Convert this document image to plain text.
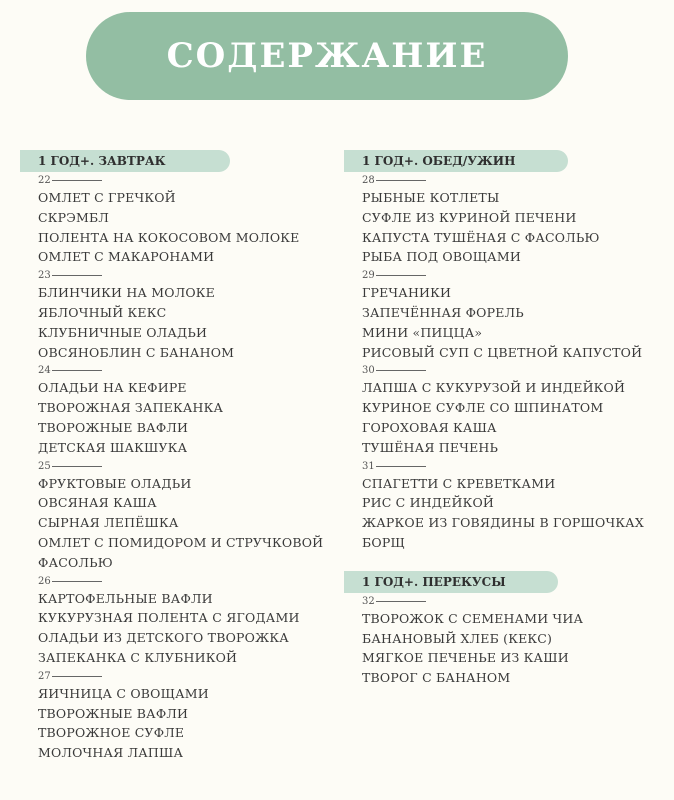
СОДЕРЖАНИЕ
1 ГОД+. ЗАВТРАК
22
ОМЛЕТ С ГРЕЧКОЙ
СКРЭМБЛ
ПОЛЕНТА НА КОКОСОВОМ МОЛОКЕ
ОМЛЕТ С МАКАРОНАМИ
23
БЛИНЧИКИ НА МОЛОКЕ
ЯБЛОЧНЫЙ КЕКС
КЛУБНИЧНЫЕ ОЛАДЬИ
ОВСЯНОБЛИН С БАНАНОМ
24
ОЛАДЬИ НА КЕФИРЕ
ТВОРОЖНАЯ ЗАПЕКАНКА
ТВОРОЖНЫЕ ВАФЛИ
ДЕТСКАЯ ШАКШУКА
25
ФРУКТОВЫЕ ОЛАДЬИ
ОВСЯНАЯ КАША
СЫРНАЯ ЛЕПЁШКА
ОМЛЕТ С ПОМИДОРОМ И СТРУЧКОВОЙ ФАСОЛЬЮ
26
КАРТОФЕЛЬНЫЕ ВАФЛИ
КУКУРУЗНАЯ ПОЛЕНТА С ЯГОДАМИ
ОЛАДЬИ ИЗ ДЕТСКОГО ТВОРОЖКА
ЗАПЕКАНКА С КЛУБНИКОЙ
27
ЯИЧНИЦА С ОВОЩАМИ
ТВОРОЖНЫЕ ВАФЛИ
ТВОРОЖНОЕ СУФЛЕ
МОЛОЧНАЯ ЛАПША
1 ГОД+. ОБЕД/УЖИН
28
РЫБНЫЕ КОТЛЕТЫ
СУФЛЕ ИЗ КУРИНОЙ ПЕЧЕНИ
КАПУСТА ТУШЁНАЯ С ФАСОЛЬЮ
РЫБА ПОД ОВОЩАМИ
29
ГРЕЧАНИКИ
ЗАПЕЧЁННАЯ ФОРЕЛЬ
МИНИ «ПИЦЦА»
РИСОВЫЙ СУП С ЦВЕТНОЙ КАПУСТОЙ
30
ЛАПША С КУКУРУЗОЙ И ИНДЕЙКОЙ
КУРИНОЕ СУФЛЕ СО ШПИНАТОМ
ГОРОХОВАЯ КАША
ТУШЁНАЯ ПЕЧЕНЬ
31
СПАГЕТТИ С КРЕВЕТКАМИ
РИС С ИНДЕЙКОЙ
ЖАРКОЕ ИЗ ГОВЯДИНЫ В ГОРШОЧКАХ
БОРЩ
1 ГОД+. ПЕРЕКУСЫ
32
ТВОРОЖОК С СЕМЕНАМИ ЧИА
БАНАНОВЫЙ ХЛЕБ (КЕКС)
МЯГКОЕ ПЕЧЕНЬЕ ИЗ КАШИ
ТВОРОГ С БАНАНОМ
